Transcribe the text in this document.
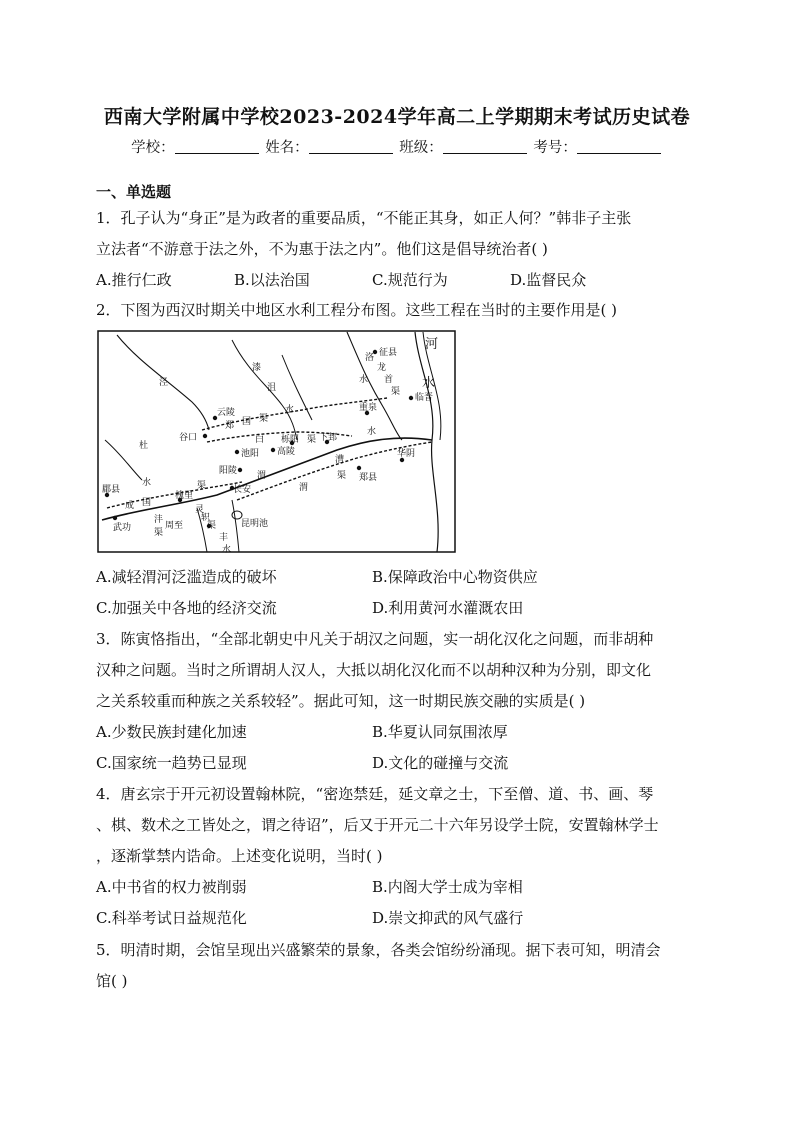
西南大学附属中学校2023-2024学年高二上学期期末考试历史试卷
学校：	姓名：	班级：	考号：
一、单选题
1．孔子认为“身正”是为政者的重要品质，“不能正其身，如正人何？”韩非子主张
立法者“不游意于法之外，不为惠于法之内”。他们这是倡导统治者( )
A.推行仁政	B.以法治国	C.规范行为	D.监督民众
2．下图为西汉时期关中地区水利工程分布图。这些工程在当时的主要作用是( )
河
水
泾
漆
沮
水
洛
龙
首
渠
水
郑 国 渠
白	渠
杜
水
成 国
渠
渭
渭
漕
渠
水
沣
渠
灵
轵
渠
丰
水
征县
云陵
谷口
池阳
栎阳
高陵
阳陵
下邽
重泉
临晋
郑县
华阴
郿县
武功
槐里
周至
长安
昆明池
A.减轻渭河泛滥造成的破坏	B.保障政治中心物资供应
C.加强关中各地的经济交流	D.利用黄河水灌溉农田
3．陈寅恪指出，“全部北朝史中凡关于胡汉之问题，实一胡化汉化之问题，而非胡种
汉种之问题。当时之所谓胡人汉人，大抵以胡化汉化而不以胡种汉种为分别，即文化
之关系较重而种族之关系较轻”。据此可知，这一时期民族交融的实质是( )
A.少数民族封建化加速	B.华夏认同氛围浓厚
C.国家统一趋势已显现	D.文化的碰撞与交流
4．唐玄宗于开元初设置翰林院，“密迩禁廷，延文章之士，下至僧、道、书、画、琴
、棋、数术之工皆处之，谓之待诏”，后又于开元二十六年另设学士院，安置翰林学士
，逐渐掌禁内诰命。上述变化说明，当时( )
A.中书省的权力被削弱	B.内阁大学士成为宰相
C.科举考试日益规范化	D.崇文抑武的风气盛行
5．明清时期，会馆呈现出兴盛繁荣的景象，各类会馆纷纷涌现。据下表可知，明清会
馆( )
